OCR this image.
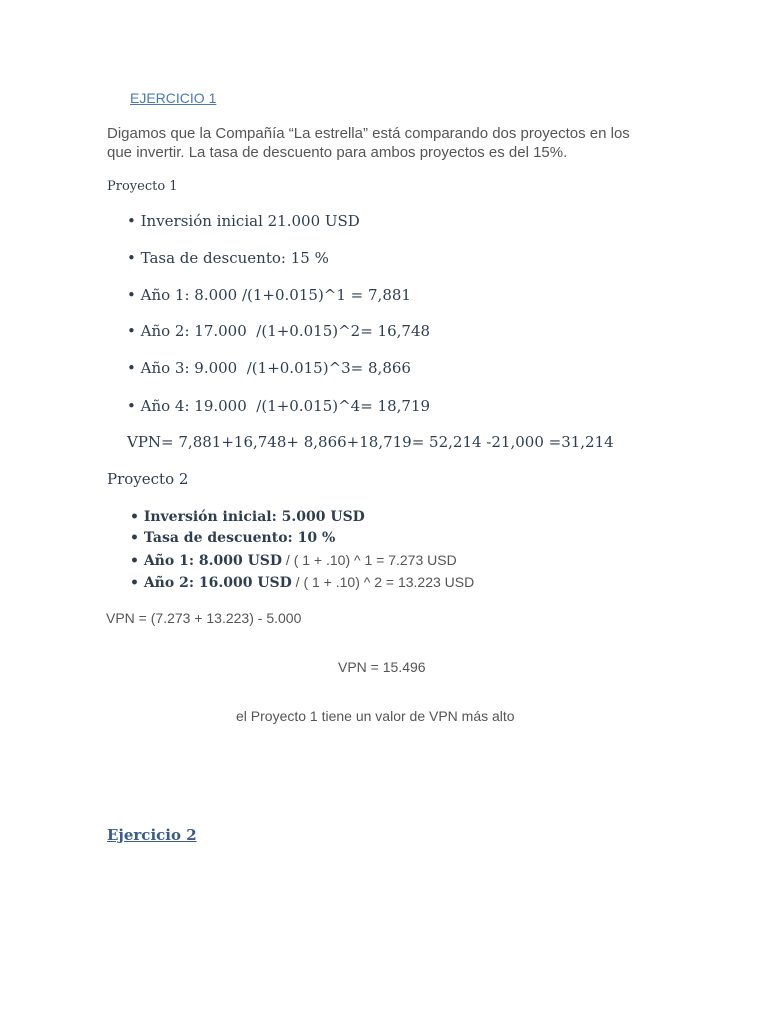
EJERCICIO 1
Digamos que la Compañía “La estrella” está comparando dos proyectos en los
que invertir. La tasa de descuento para ambos proyectos es del 15%.
Proyecto 1
• Inversión inicial 21.000 USD
• Tasa de descuento: 15 %
• Año 1: 8.000 /(1+0.015)^1 = 7,881
• Año 2: 17.000  /(1+0.015)^2= 16,748
• Año 3: 9.000  /(1+0.015)^3= 8,866
• Año 4: 19.000  /(1+0.015)^4= 18,719
VPN= 7,881+16,748+ 8,866+18,719= 52,214 -21,000 =31,214
Proyecto 2
• Inversión inicial: 5.000 USD
• Tasa de descuento: 10 %
• Año 1: 8.000 USD / ( 1 + .10) ^ 1 = 7.273 USD
• Año 2: 16.000 USD / ( 1 + .10) ^ 2 = 13.223 USD
VPN = (7.273 + 13.223) - 5.000
VPN = 15.496
el Proyecto 1 tiene un valor de VPN más alto
Ejercicio 2
